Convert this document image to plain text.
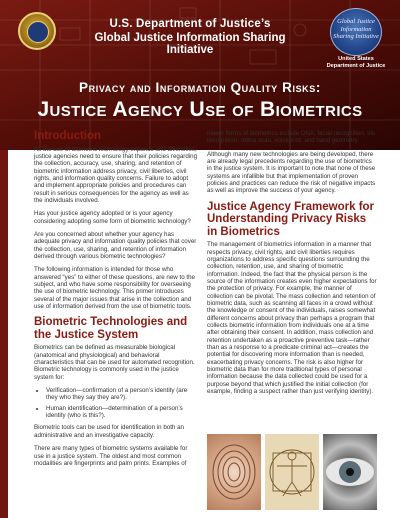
U.S. Department of Justice’s
Global Justice Information Sharing Initiative
Global Justice Information Sharing Initiative
United States
Department of Justice
Privacy and Information Quality Risks:
Justice Agency Use of Biometrics
Introduction

As the use of biometric technology expands and diversifies, justice agencies need to ensure that their policies regarding the collection, accuracy, use, sharing, and retention of biometric information address privacy, civil liberties, civil rights, and information quality concerns. Failure to adopt and implement appropriate policies and procedures can result in serious consequences for the agency as well as the individuals involved.

Has your justice agency adopted or is your agency considering adopting some form of biometric technology?

Are you concerned about whether your agency has adequate privacy and information quality policies that cover the collection, use, sharing, and retention of information derived through various biometric technologies?

The following information is intended for those who answered “yes” to either of these questions, are new to the subject, and who have some responsibility for overseeing the use of biometric technology. This primer introduces several of the major issues that arise in the collection and use of information derived from the use of biometric tools.

Biometric Technologies and the Justice System

Biometrics can be defined as measurable biological (anatomical and physiological) and behavioral characteristics that can be used for automated recognition. Biometric technology is commonly used in the justice system for:

• Verification—confirmation of a person’s identity (are they who they say they are?).
• Human identification—determination of a person’s identity (who is this?).

Biometric tools can be used for identification in both an administrative and an investigative capacity.

There are many types of biometric systems available for use in a justice system. The oldest and most common modalities are fingerprints and palm prints. Examples of

newer forms of biometrics include DNA, facial recognition, iris recognition, retina scan, voiceprint, and hand geometry.

Although many new technologies are being developed, there are already legal precedents regarding the use of biometrics in the justice system. It is important to note that none of these systems are infallible but that implementation of proven policies and practices can reduce the risk of negative impacts as well as improve the success of your agency.

Justice Agency Framework for Understanding Privacy Risks in Biometrics

The management of biometrics information in a manner that respects privacy, civil rights, and civil liberties requires organizations to address specific questions surrounding the collection, retention, use, and sharing of biometric information. Indeed, the fact that the physical person is the source of the information creates even higher expectations for the protection of privacy. For example, the manner of collection can be pivotal. The mass collection and retention of biometric data, such as scanning all faces in a crowd without the knowledge or consent of the individuals, raises somewhat different concerns about privacy than perhaps a program that collects biometric information from individuals one at a time after obtaining their consent. In addition, mass collection and retention undertaken as a proactive preventive task—rather than as a response to a predicate criminal act—creates the potential for discovering more information than is needed, exacerbating privacy concerns. The risk is also higher for biometric data than for more traditional types of personal information because the data collected could be used for a purpose beyond that which justified the initial collection (for example, finding a suspect rather than just verifying identity).
